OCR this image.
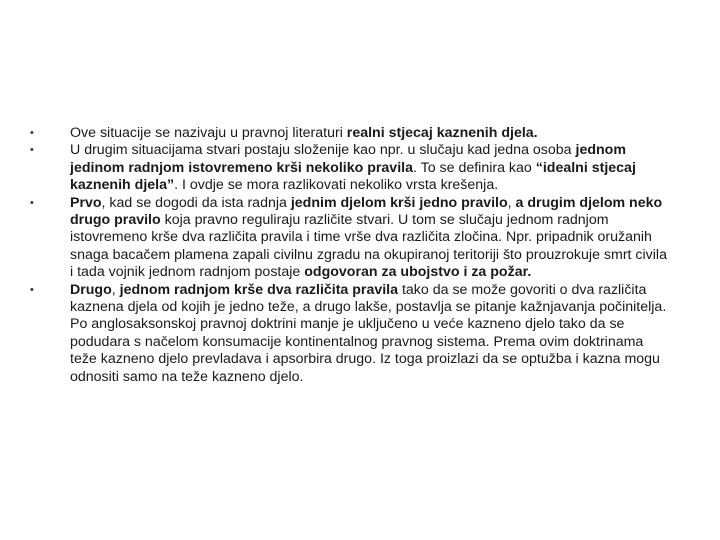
•	Ove situacije se nazivaju u pravnoj literaturi realni stjecaj kaznenih djela.
•	U drugim situacijama stvari postaju složenije kao npr. u slučaju kad jedna osoba jednom jedinom radnjom istovremeno krši nekoliko pravila. To se definira kao “idealni stjecaj kaznenih djela”. I ovdje se mora razlikovati nekoliko vrsta krešenja.
•	Prvo, kad se dogodi da ista radnja jednim djelom krši jedno pravilo, a drugim djelom neko drugo pravilo koja pravno reguliraju različite stvari. U tom se slučaju jednom radnjom istovremeno krše dva različita pravila i time vrše dva različita zločina. Npr. pripadnik oružanih snaga bacačem plamena zapali civilnu zgradu na okupiranoj teritoriji što prouzrokuje smrt civila i tada vojnik jednom radnjom postaje odgovoran za ubojstvo i za požar.
•	Drugo, jednom radnjom krše dva različita pravila tako da se može govoriti o dva različita kaznena djela od kojih je jedno teže, a drugo lakše, postavlja se pitanje kažnjavanja počinitelja. Po anglosaksonskoj pravnoj doktrini manje je uključeno u veće kazneno djelo tako da se podudara s načelom konsumacije kontinentalnog pravnog sistema. Prema ovim doktrinama teže kazneno djelo prevladava i apsorbira drugo. Iz toga proizlazi da se optužba i kazna mogu odnositi samo na teže kazneno djelo.
